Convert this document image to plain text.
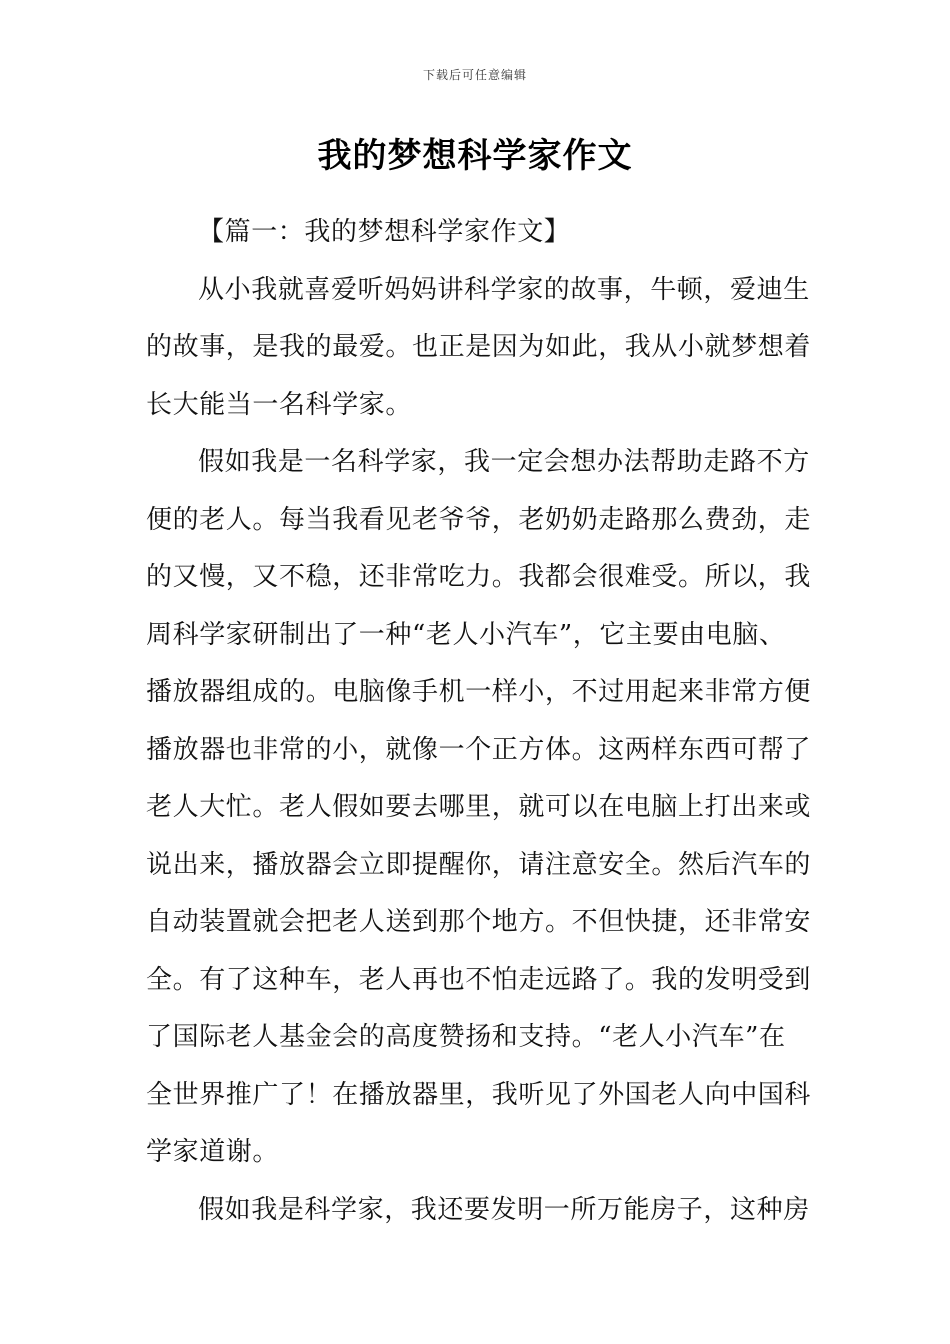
下载后可任意编辑
我的梦想科学家作文
【篇一：我的梦想科学家作文】
从小我就喜爱听妈妈讲科学家的故事，牛顿，爱迪生
的故事，是我的最爱。也正是因为如此，我从小就梦想着
长大能当一名科学家。
假如我是一名科学家，我一定会想办法帮助走路不方
便的老人。每当我看见老爷爷，老奶奶走路那么费劲，走
的又慢，又不稳，还非常吃力。我都会很难受。所以，我
周科学家研制出了一种“老人小汽车”，它主要由电脑、
播放器组成的。电脑像手机一样小，不过用起来非常方便
播放器也非常的小，就像一个正方体。这两样东西可帮了
老人大忙。老人假如要去哪里，就可以在电脑上打出来或
说出来，播放器会立即提醒你，请注意安全。然后汽车的
自动装置就会把老人送到那个地方。不但快捷，还非常安
全。有了这种车，老人再也不怕走远路了。我的发明受到
了国际老人基金会的高度赞扬和支持。“老人小汽车”在
全世界推广了！在播放器里，我听见了外国老人向中国科
学家道谢。
假如我是科学家，我还要发明一所万能房子，这种房
